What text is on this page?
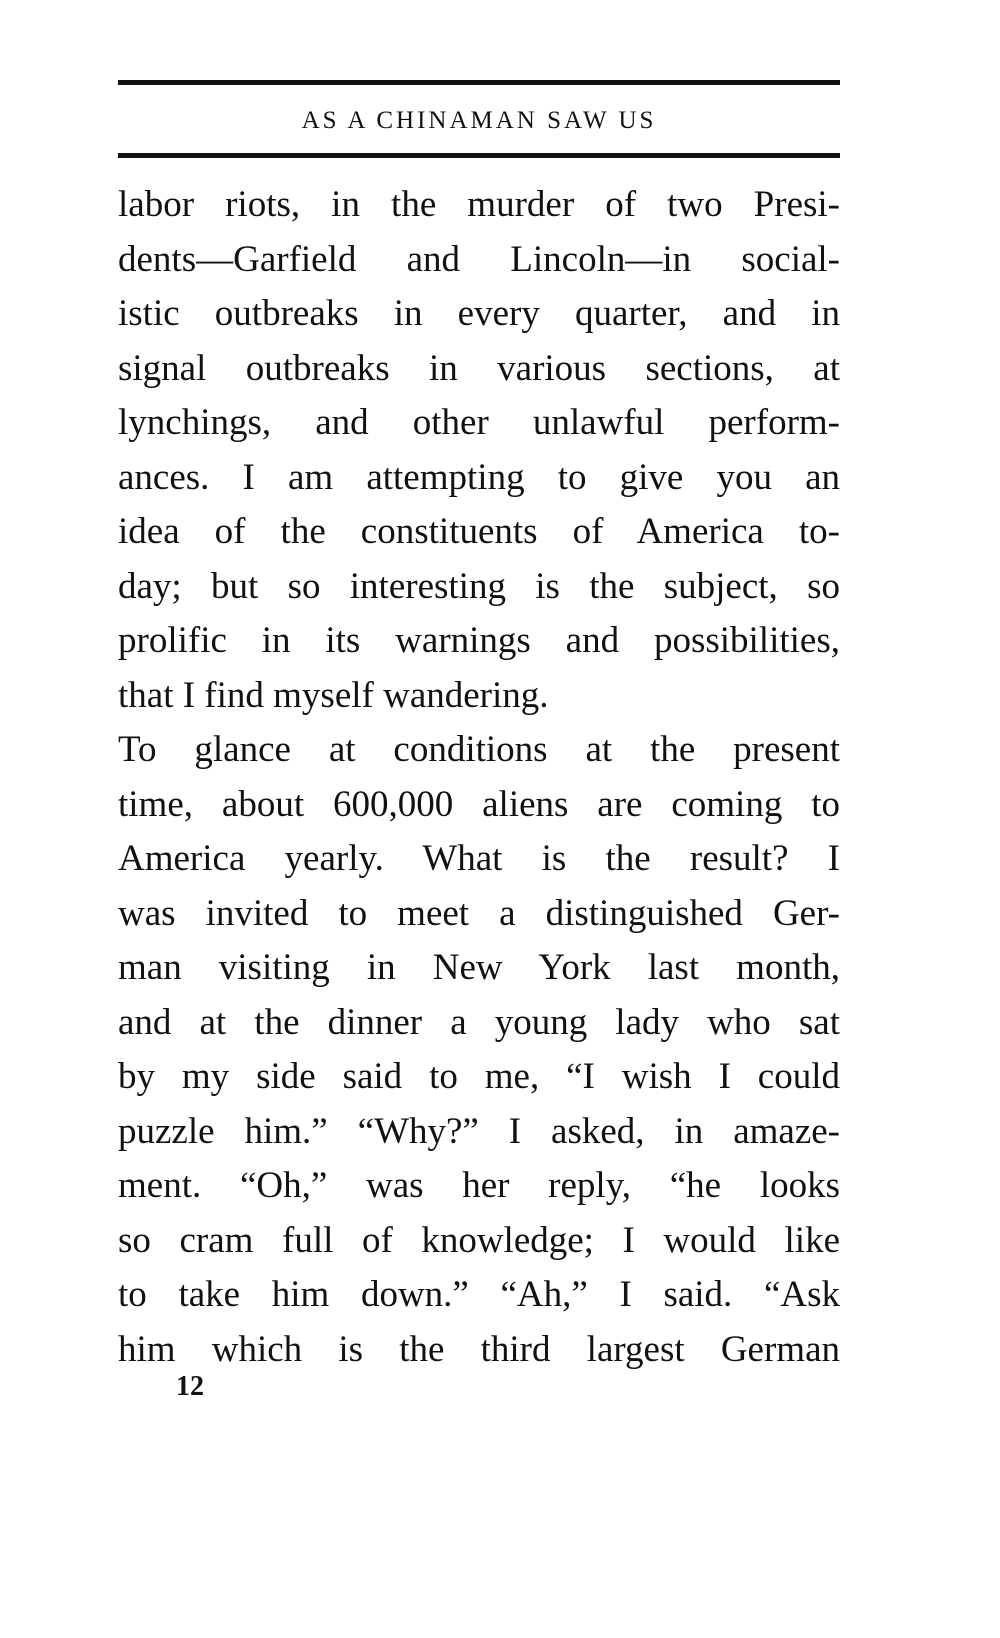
AS A CHINAMAN SAW US
labor riots, in the murder of two Presi-
dents—Garfield and Lincoln—in social-
istic outbreaks in every quarter, and in
signal outbreaks in various sections, at
lynchings, and other unlawful perform-
ances. I am attempting to give you an
idea of the constituents of America to-
day; but so interesting is the subject, so
prolific in its warnings and possibilities,
that I find myself wandering.
To glance at conditions at the present
time, about 600,000 aliens are coming to
America yearly. What is the result? I
was invited to meet a distinguished Ger-
man visiting in New York last month,
and at the dinner a young lady who sat
by my side said to me, “I wish I could
puzzle him.” “Why?” I asked, in amaze-
ment. “Oh,” was her reply, “he looks
so cram full of knowledge; I would like
to take him down.” “Ah,” I said. “Ask
him which is the third largest German
12
